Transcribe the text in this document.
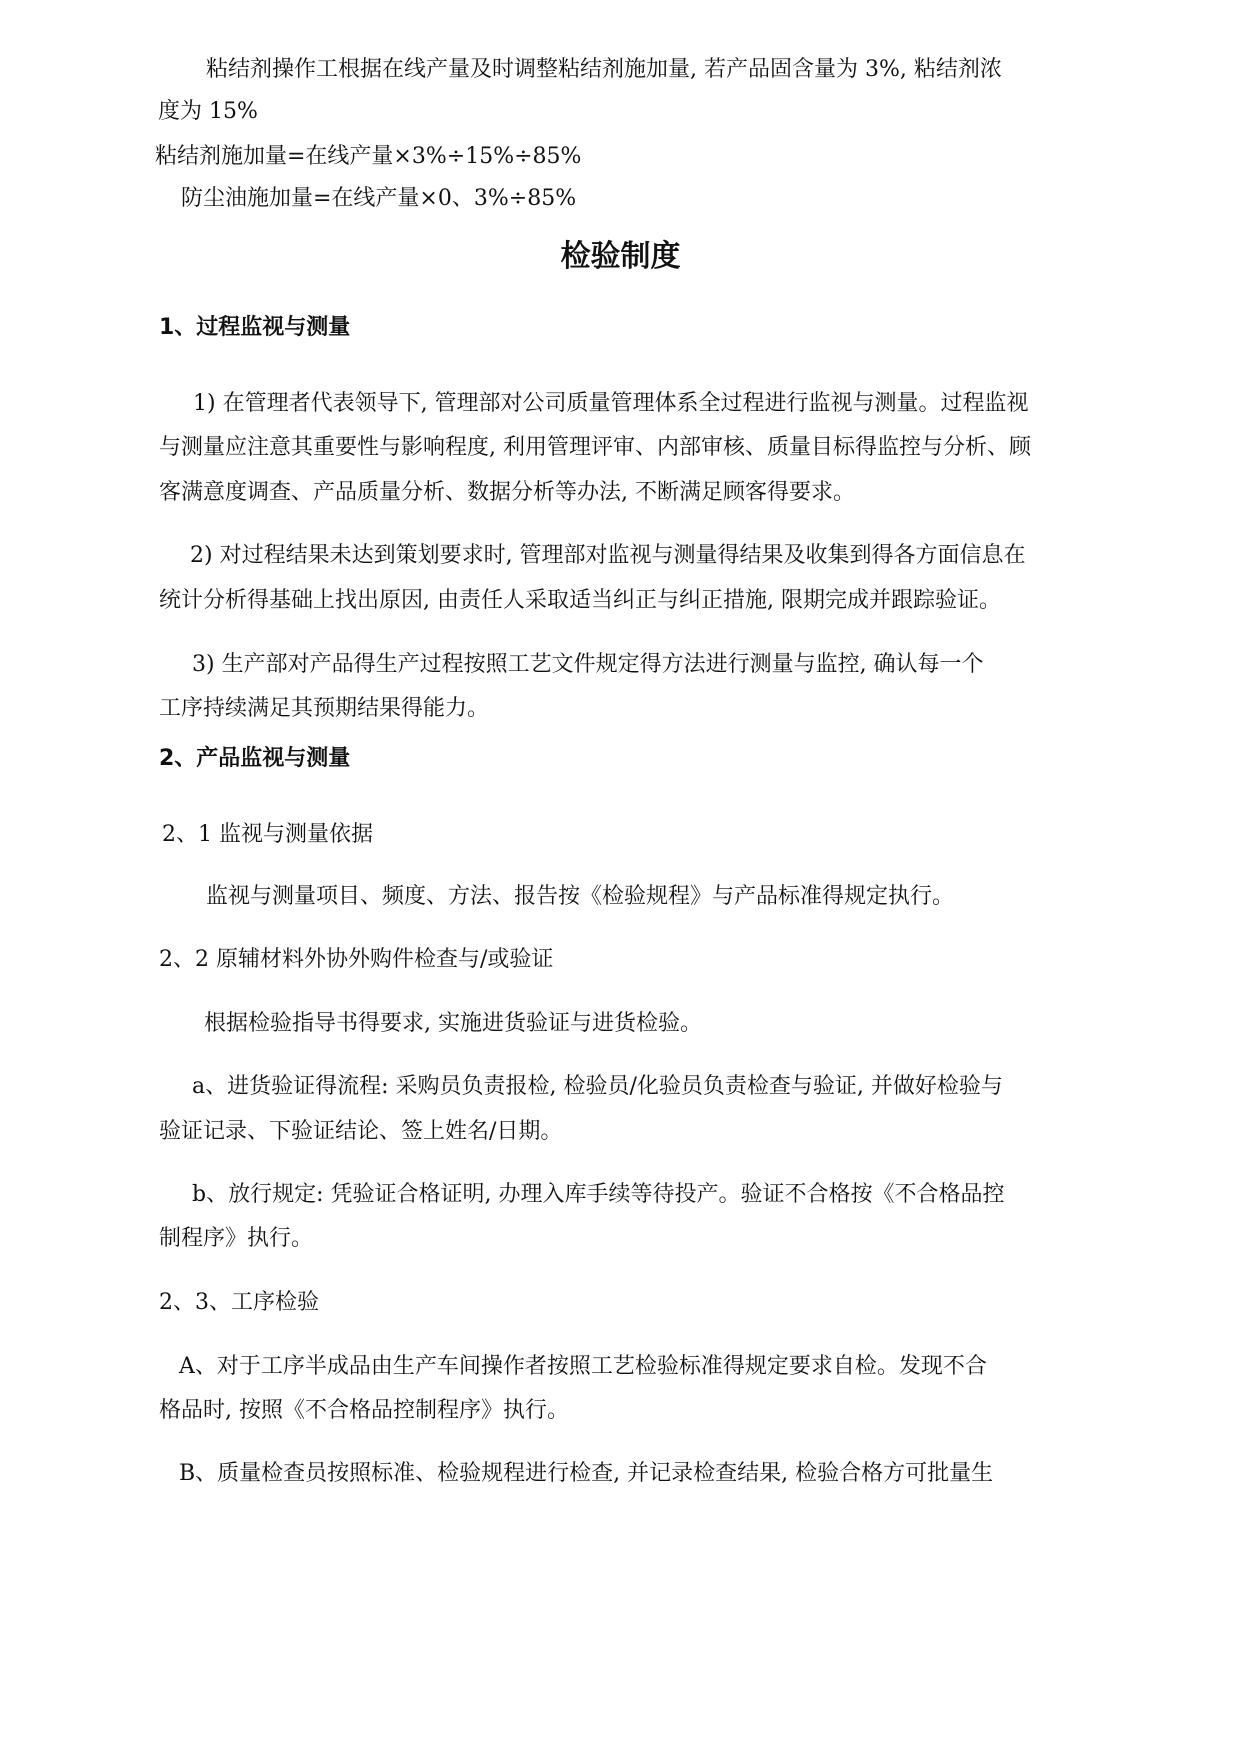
粘结剂操作工根据在线产量及时调整粘结剂施加量, 若产品固含量为 3%, 粘结剂浓
度为 15%
粘结剂施加量=在线产量×3%÷15%÷85%
防尘油施加量=在线产量×0、3%÷85%
检验制度
1、过程监视与测量
1) 在管理者代表领导下, 管理部对公司质量管理体系全过程进行监视与测量。过程监视
与测量应注意其重要性与影响程度, 利用管理评审、内部审核、质量目标得监控与分析、顾
客满意度调查、产品质量分析、数据分析等办法, 不断满足顾客得要求。
2) 对过程结果未达到策划要求时, 管理部对监视与测量得结果及收集到得各方面信息在
统计分析得基础上找出原因, 由责任人采取适当纠正与纠正措施, 限期完成并跟踪验证。
3) 生产部对产品得生产过程按照工艺文件规定得方法进行测量与监控, 确认每一个
工序持续满足其预期结果得能力。
2、产品监视与测量
2、1 监视与测量依据
监视与测量项目、频度、方法、报告按《检验规程》与产品标准得规定执行。
2、2 原辅材料外协外购件检查与/或验证
根据检验指导书得要求, 实施进货验证与进货检验。
a、进货验证得流程: 采购员负责报检, 检验员/化验员负责检查与验证, 并做好检验与
验证记录、下验证结论、签上姓名/日期。
b、放行规定: 凭验证合格证明, 办理入库手续等待投产。验证不合格按《不合格品控
制程序》执行。
2、3、工序检验
A、对于工序半成品由生产车间操作者按照工艺检验标准得规定要求自检。发现不合
格品时, 按照《不合格品控制程序》执行。
B、质量检查员按照标准、检验规程进行检查, 并记录检查结果, 检验合格方可批量生
